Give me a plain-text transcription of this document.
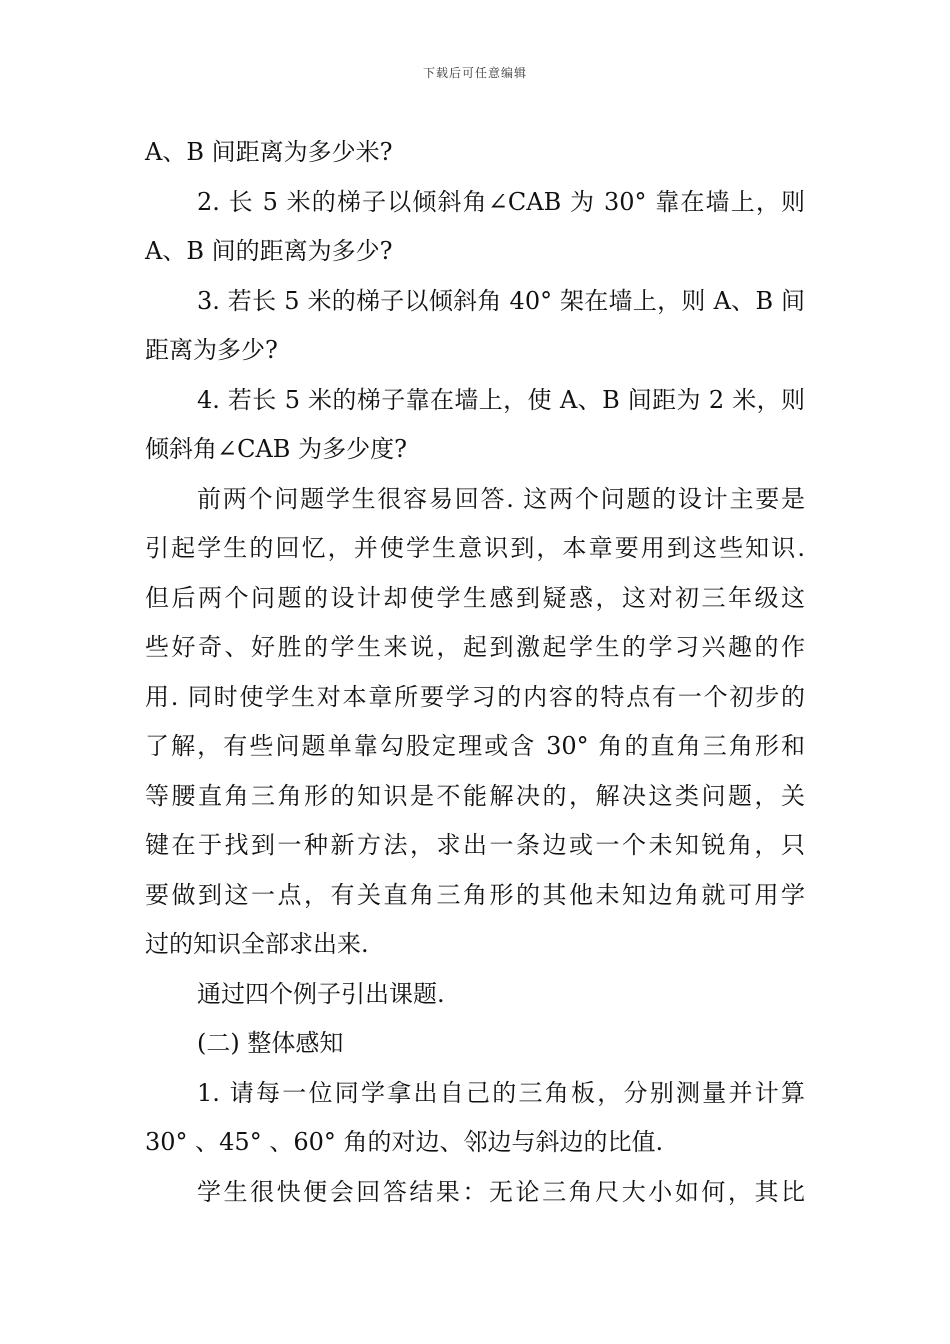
下载后可任意编辑
A、B 间距离为多少米?
2. 长 5 米的梯子以倾斜角∠CAB 为 30° 靠在墙上，则
A、B 间的距离为多少?
3. 若长 5 米的梯子以倾斜角 40° 架在墙上，则 A、B 间
距离为多少?
4. 若长 5 米的梯子靠在墙上，使 A、B 间距为 2 米，则
倾斜角∠CAB 为多少度?
前两个问题学生很容易回答. 这两个问题的设计主要是
引起学生的回忆，并使学生意识到，本章要用到这些知识.
但后两个问题的设计却使学生感到疑惑，这对初三年级这
些好奇、好胜的学生来说，起到激起学生的学习兴趣的作
用. 同时使学生对本章所要学习的内容的特点有一个初步的
了解，有些问题单靠勾股定理或含 30° 角的直角三角形和
等腰直角三角形的知识是不能解决的，解决这类问题，关
键在于找到一种新方法，求出一条边或一个未知锐角，只
要做到这一点，有关直角三角形的其他未知边角就可用学
过的知识全部求出来.
通过四个例子引出课题.
(二) 整体感知
1. 请每一位同学拿出自己的三角板，分别测量并计算
30° 、45° 、60° 角的对边、邻边与斜边的比值.
学生很快便会回答结果：无论三角尺大小如何，其比
